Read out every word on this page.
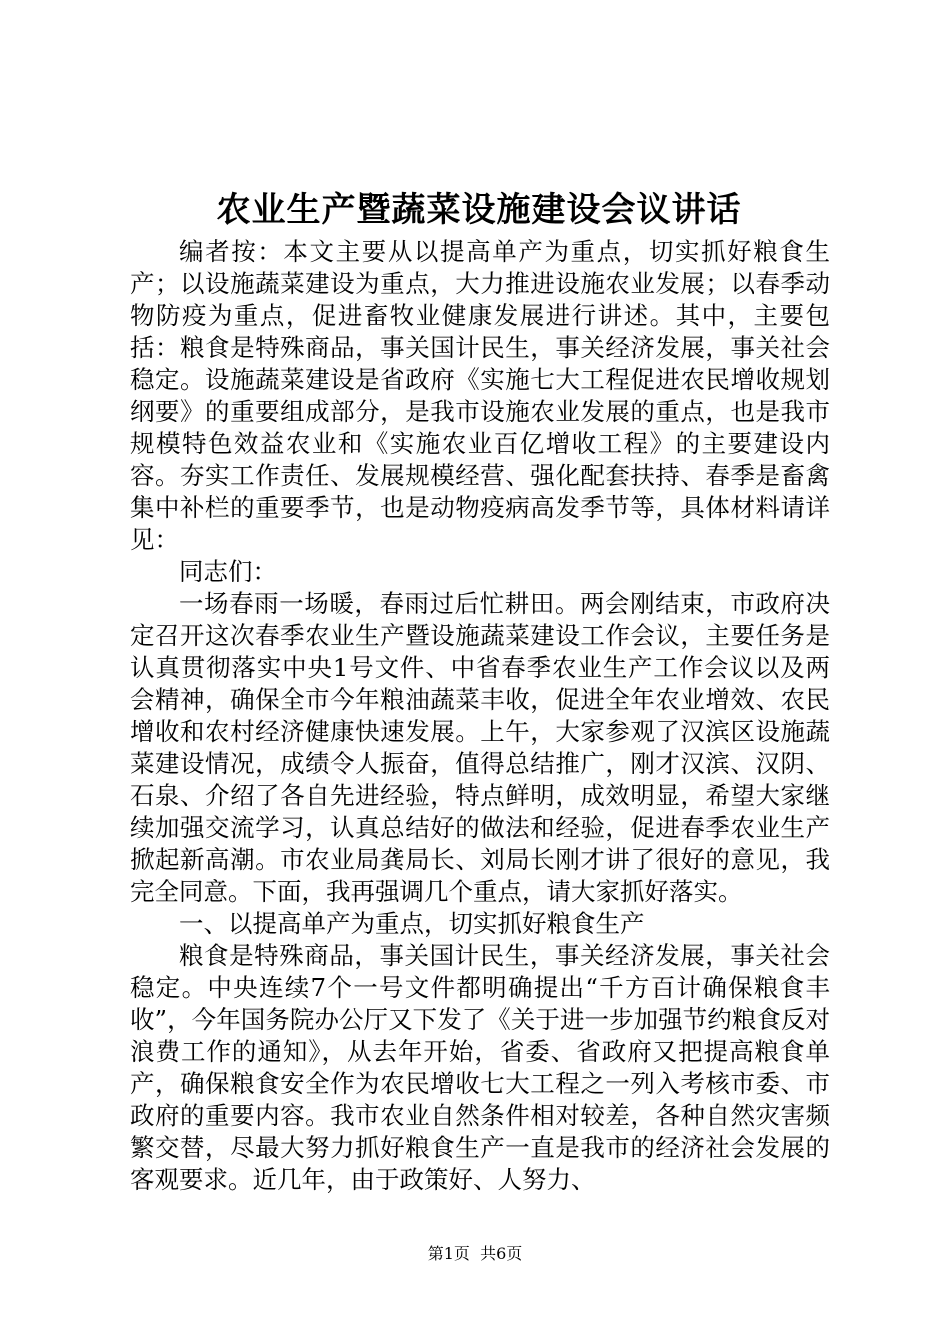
农业生产暨蔬菜设施建设会议讲话

编者按：本文主要从以提高单产为重点，切实抓好粮食生产；以设施蔬菜建设为重点，大力推进设施农业发展；以春季动物防疫为重点，促进畜牧业健康发展进行讲述。其中，主要包括：粮食是特殊商品，事关国计民生，事关经济发展，事关社会稳定。设施蔬菜建设是省政府《实施七大工程促进农民增收规划纲要》的重要组成部分，是我市设施农业发展的重点，也是我市规模特色效益农业和《实施农业百亿增收工程》的主要建设内容。夯实工作责任、发展规模经营、强化配套扶持、春季是畜禽集中补栏的重要季节，也是动物疫病高发季节等，具体材料请详见：

同志们：

一场春雨一场暖，春雨过后忙耕田。两会刚结束，市政府决定召开这次春季农业生产暨设施蔬菜建设工作会议，主要任务是认真贯彻落实中央1号文件、中省春季农业生产工作会议以及两会精神，确保全市今年粮油蔬菜丰收，促进全年农业增效、农民增收和农村经济健康快速发展。上午，大家参观了汉滨区设施蔬菜建设情况，成绩令人振奋，值得总结推广，刚才汉滨、汉阴、石泉、介绍了各自先进经验，特点鲜明，成效明显，希望大家继续加强交流学习，认真总结好的做法和经验，促进春季农业生产掀起新高潮。市农业局龚局长、刘局长刚才讲了很好的意见，我完全同意。下面，我再强调几个重点，请大家抓好落实。

一、以提高单产为重点，切实抓好粮食生产

粮食是特殊商品，事关国计民生，事关经济发展，事关社会稳定。中央连续7个一号文件都明确提出“千方百计确保粮食丰收”，今年国务院办公厅又下发了《关于进一步加强节约粮食反对浪费工作的通知》，从去年开始，省委、省政府又把提高粮食单产，确保粮食安全作为农民增收七大工程之一列入考核市委、市政府的重要内容。我市农业自然条件相对较差，各种自然灾害频繁交替，尽最大努力抓好粮食生产一直是我市的经济社会发展的客观要求。近几年，由于政策好、人努力、

第1页  共6页
